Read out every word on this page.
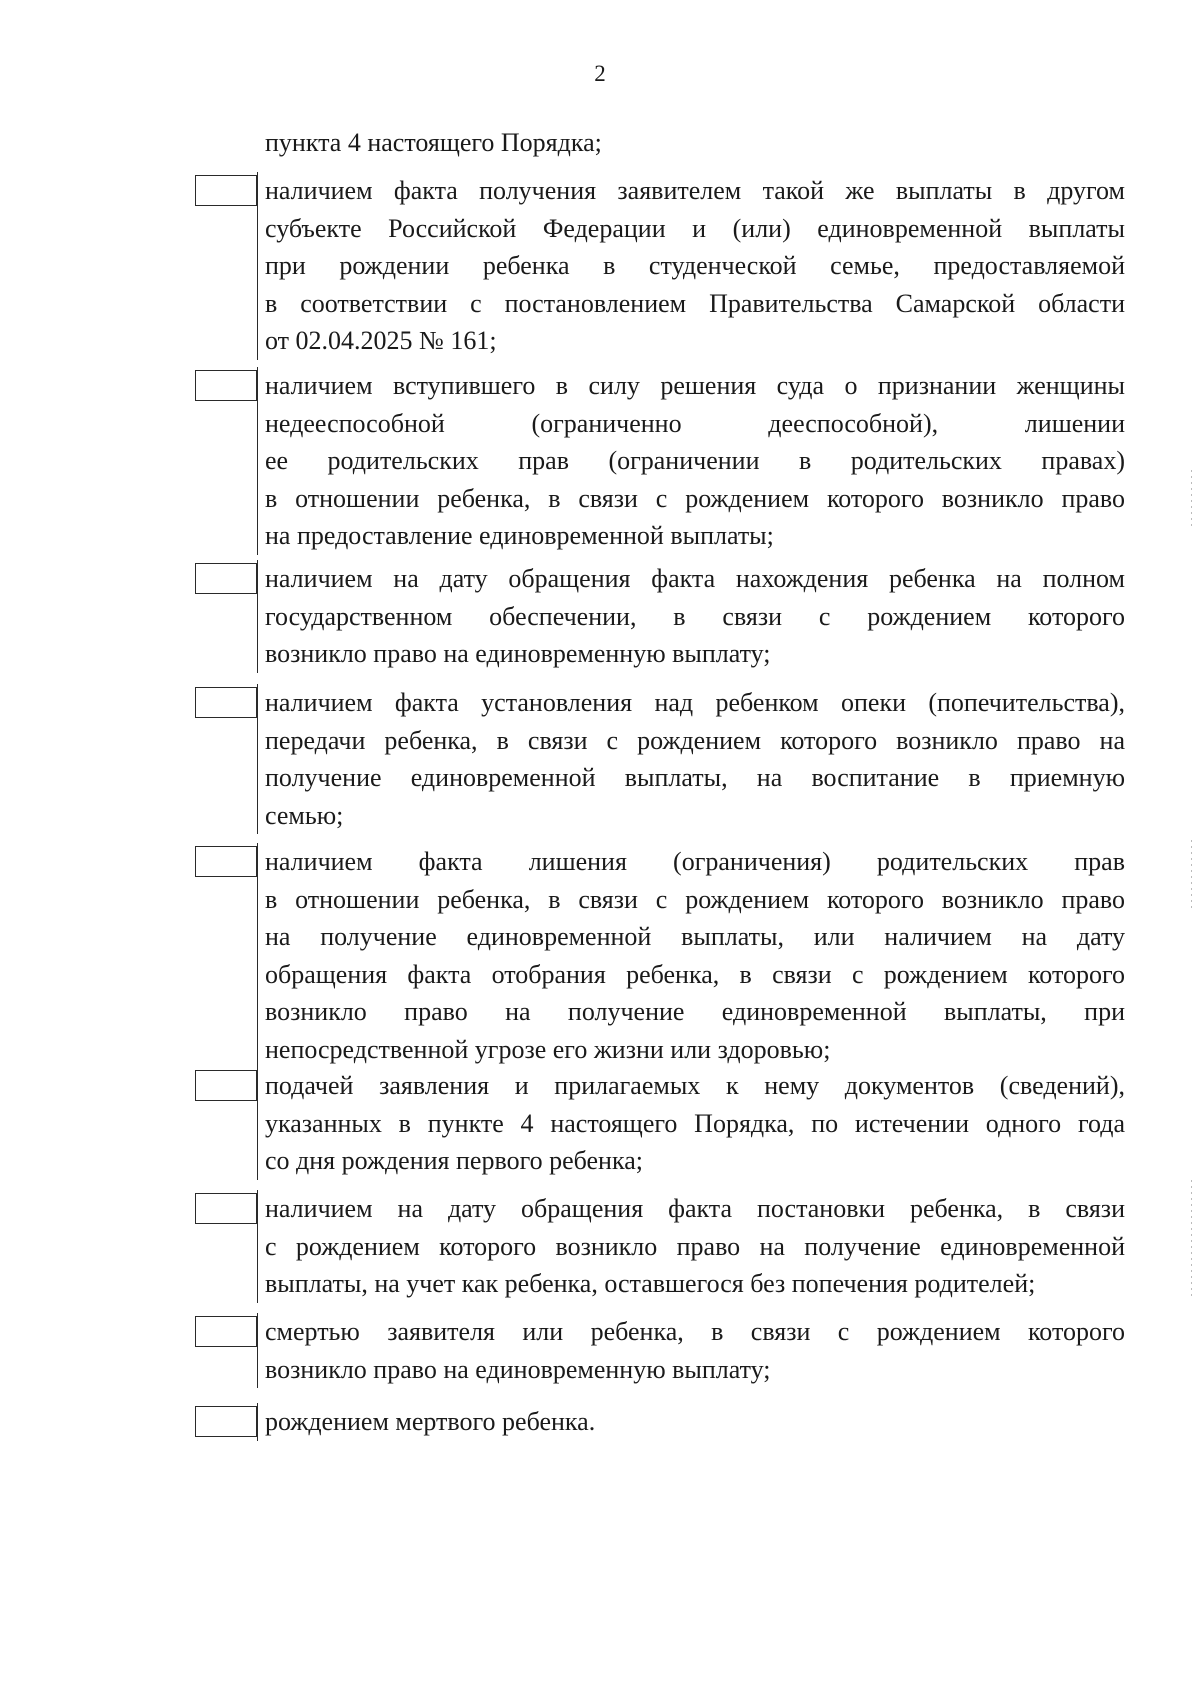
2
пункта 4 настоящего Порядка;
наличием факта получения заявителем такой же выплаты в другом
субъекте Российской Федерации и (или) единовременной выплаты
при рождении ребенка в студенческой семье, предоставляемой
в соответствии с постановлением Правительства Самарской области
от 02.04.2025 № 161;
наличием вступившего в силу решения суда о признании женщины
недееспособной (ограниченно дееспособной), лишении
ее родительских прав (ограничении в родительских правах)
в отношении ребенка, в связи с рождением которого возникло право
на предоставление единовременной выплаты;
наличием на дату обращения факта нахождения ребенка на полном
государственном обеспечении, в связи с рождением которого
возникло право на единовременную выплату;
наличием факта установления над ребенком опеки (попечительства),
передачи ребенка, в связи с рождением которого возникло право на
получение единовременной выплаты, на воспитание в приемную
семью;
наличием факта лишения (ограничения) родительских прав
в отношении ребенка, в связи с рождением которого возникло право
на получение единовременной выплаты, или наличием на дату
обращения факта отобрания ребенка, в связи с рождением которого
возникло право на получение единовременной выплаты, при
непосредственной угрозе его жизни или здоровью;
подачей заявления и прилагаемых к нему документов (сведений),
указанных в пункте 4 настоящего Порядка, по истечении одного года
со дня рождения первого ребенка;
наличием на дату обращения факта постановки ребенка, в связи
с рождением которого возникло право на получение единовременной
выплаты, на учет как ребенка, оставшегося без попечения родителей;
смертью заявителя или ребенка, в связи с рождением которого
возникло право на единовременную выплату;
рождением мертвого ребенка.
